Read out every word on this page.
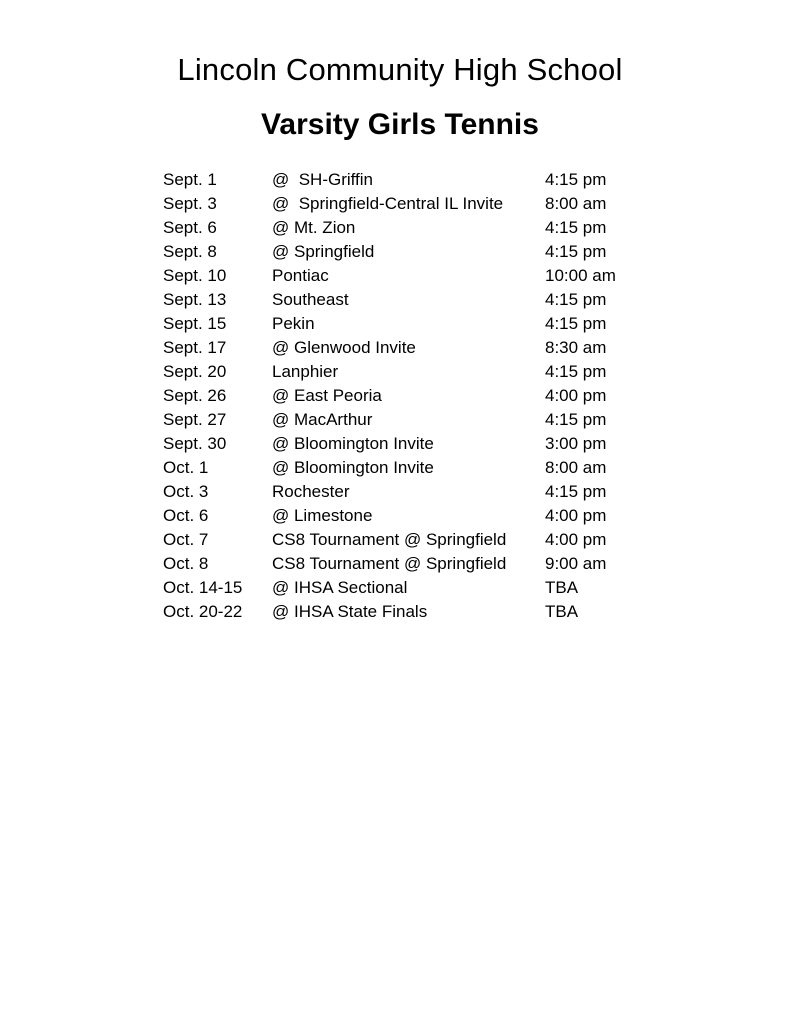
Lincoln Community High School
Varsity Girls Tennis
Sept. 1	@  SH-Griffin	4:15 pm
Sept. 3	@  Springfield-Central IL Invite	8:00 am
Sept. 6	@ Mt. Zion	4:15 pm
Sept. 8	@ Springfield	4:15 pm
Sept. 10	Pontiac	10:00 am
Sept. 13	Southeast	4:15 pm
Sept. 15	Pekin	4:15 pm
Sept. 17	@ Glenwood Invite	8:30 am
Sept. 20	Lanphier	4:15 pm
Sept. 26	@ East Peoria	4:00 pm
Sept. 27	@ MacArthur	4:15 pm
Sept. 30	@ Bloomington Invite	3:00 pm
Oct. 1	@ Bloomington Invite	8:00 am
Oct. 3	Rochester	4:15 pm
Oct. 6	@ Limestone	4:00 pm
Oct. 7	CS8 Tournament @ Springfield	4:00 pm
Oct. 8	CS8 Tournament @ Springfield	9:00 am
Oct. 14-15	@ IHSA Sectional	TBA
Oct. 20-22	@ IHSA State Finals	TBA
